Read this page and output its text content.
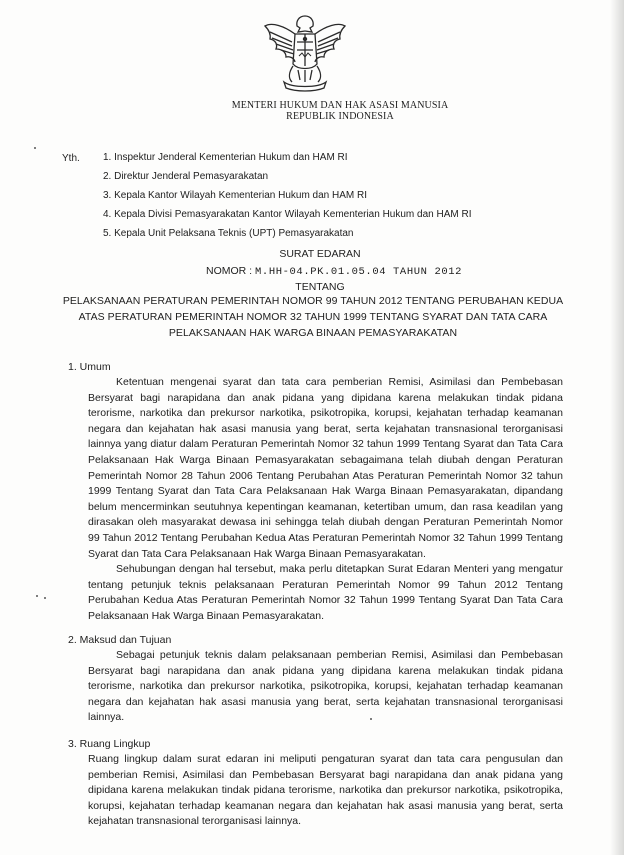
MENTERI HUKUM DAN HAK ASASI MANUSIA
REPUBLIK INDONESIA
Yth. 1. Inspektur Jenderal Kementerian Hukum dan HAM RI
2. Direktur Jenderal Pemasyarakatan
3. Kepala Kantor Wilayah Kementerian Hukum dan HAM RI
4. Kepala Divisi Pemasyarakatan Kantor Wilayah Kementerian Hukum dan HAM RI
5. Kepala Unit Pelaksana Teknis (UPT) Pemasyarakatan
SURAT EDARAN
NOMOR : M.HH-04.PK.01.05.04 TAHUN 2012
TENTANG
PELAKSANAAN PERATURAN PEMERINTAH NOMOR 99 TAHUN 2012 TENTANG PERUBAHAN KEDUA ATAS PERATURAN PEMERINTAH NOMOR 32 TAHUN 1999 TENTANG SYARAT DAN TATA CARA PELAKSANAAN HAK WARGA BINAAN PEMASYARAKATAN
1. Umum

Ketentuan mengenai syarat dan tata cara pemberian Remisi, Asimilasi dan Pembebasan Bersyarat bagi narapidana dan anak pidana yang dipidana karena melakukan tindak pidana terorisme, narkotika dan prekursor narkotika, psikotropika, korupsi, kejahatan terhadap keamanan negara dan kejahatan hak asasi manusia yang berat, serta kejahatan transnasional terorganisasi lainnya yang diatur dalam Peraturan Pemerintah Nomor 32 tahun 1999 Tentang Syarat dan Tata Cara Pelaksanaan Hak Warga Binaan Pemasyarakatan sebagaimana telah diubah dengan Peraturan Pemerintah Nomor 28 Tahun 2006 Tentang Perubahan Atas Peraturan Pemerintah Nomor 32 tahun 1999 Tentang Syarat dan Tata Cara Pelaksanaan Hak Warga Binaan Pemasyarakatan, dipandang belum mencerminkan seutuhnya kepentingan keamanan, ketertiban umum, dan rasa keadilan yang dirasakan oleh masyarakat dewasa ini sehingga telah diubah dengan Peraturan Pemerintah Nomor 99 Tahun 2012 Tentang Perubahan Kedua Atas Peraturan Pemerintah Nomor 32 Tahun 1999 Tentang Syarat dan Tata Cara Pelaksanaan Hak Warga Binaan Pemasyarakatan.

Sehubungan dengan hal tersebut, maka perlu ditetapkan Surat Edaran Menteri yang mengatur tentang petunjuk teknis pelaksanaan Peraturan Pemerintah Nomor 99 Tahun 2012 Tentang Perubahan Kedua Atas Peraturan Pemerintah Nomor 32 Tahun 1999 Tentang Syarat Dan Tata Cara Pelaksanaan Hak Warga Binaan Pemasyarakatan.

2. Maksud dan Tujuan

Sebagai petunjuk teknis dalam pelaksanaan pemberian Remisi, Asimilasi dan Pembebasan Bersyarat bagi narapidana dan anak pidana yang dipidana karena melakukan tindak pidana terorisme, narkotika dan prekursor narkotika, psikotropika, korupsi, kejahatan terhadap keamanan negara dan kejahatan hak asasi manusia yang berat, serta kejahatan transnasional terorganisasi lainnya.

3. Ruang Lingkup

Ruang lingkup dalam surat edaran ini meliputi pengaturan syarat dan tata cara pengusulan dan pemberian Remisi, Asimilasi dan Pembebasan Bersyarat bagi narapidana dan anak pidana yang dipidana karena melakukan tindak pidana terorisme, narkotika dan prekursor narkotika, psikotropika, korupsi, kejahatan terhadap keamanan negara dan kejahatan hak asasi manusia yang berat, serta kejahatan transnasional terorganisasi lainnya.
